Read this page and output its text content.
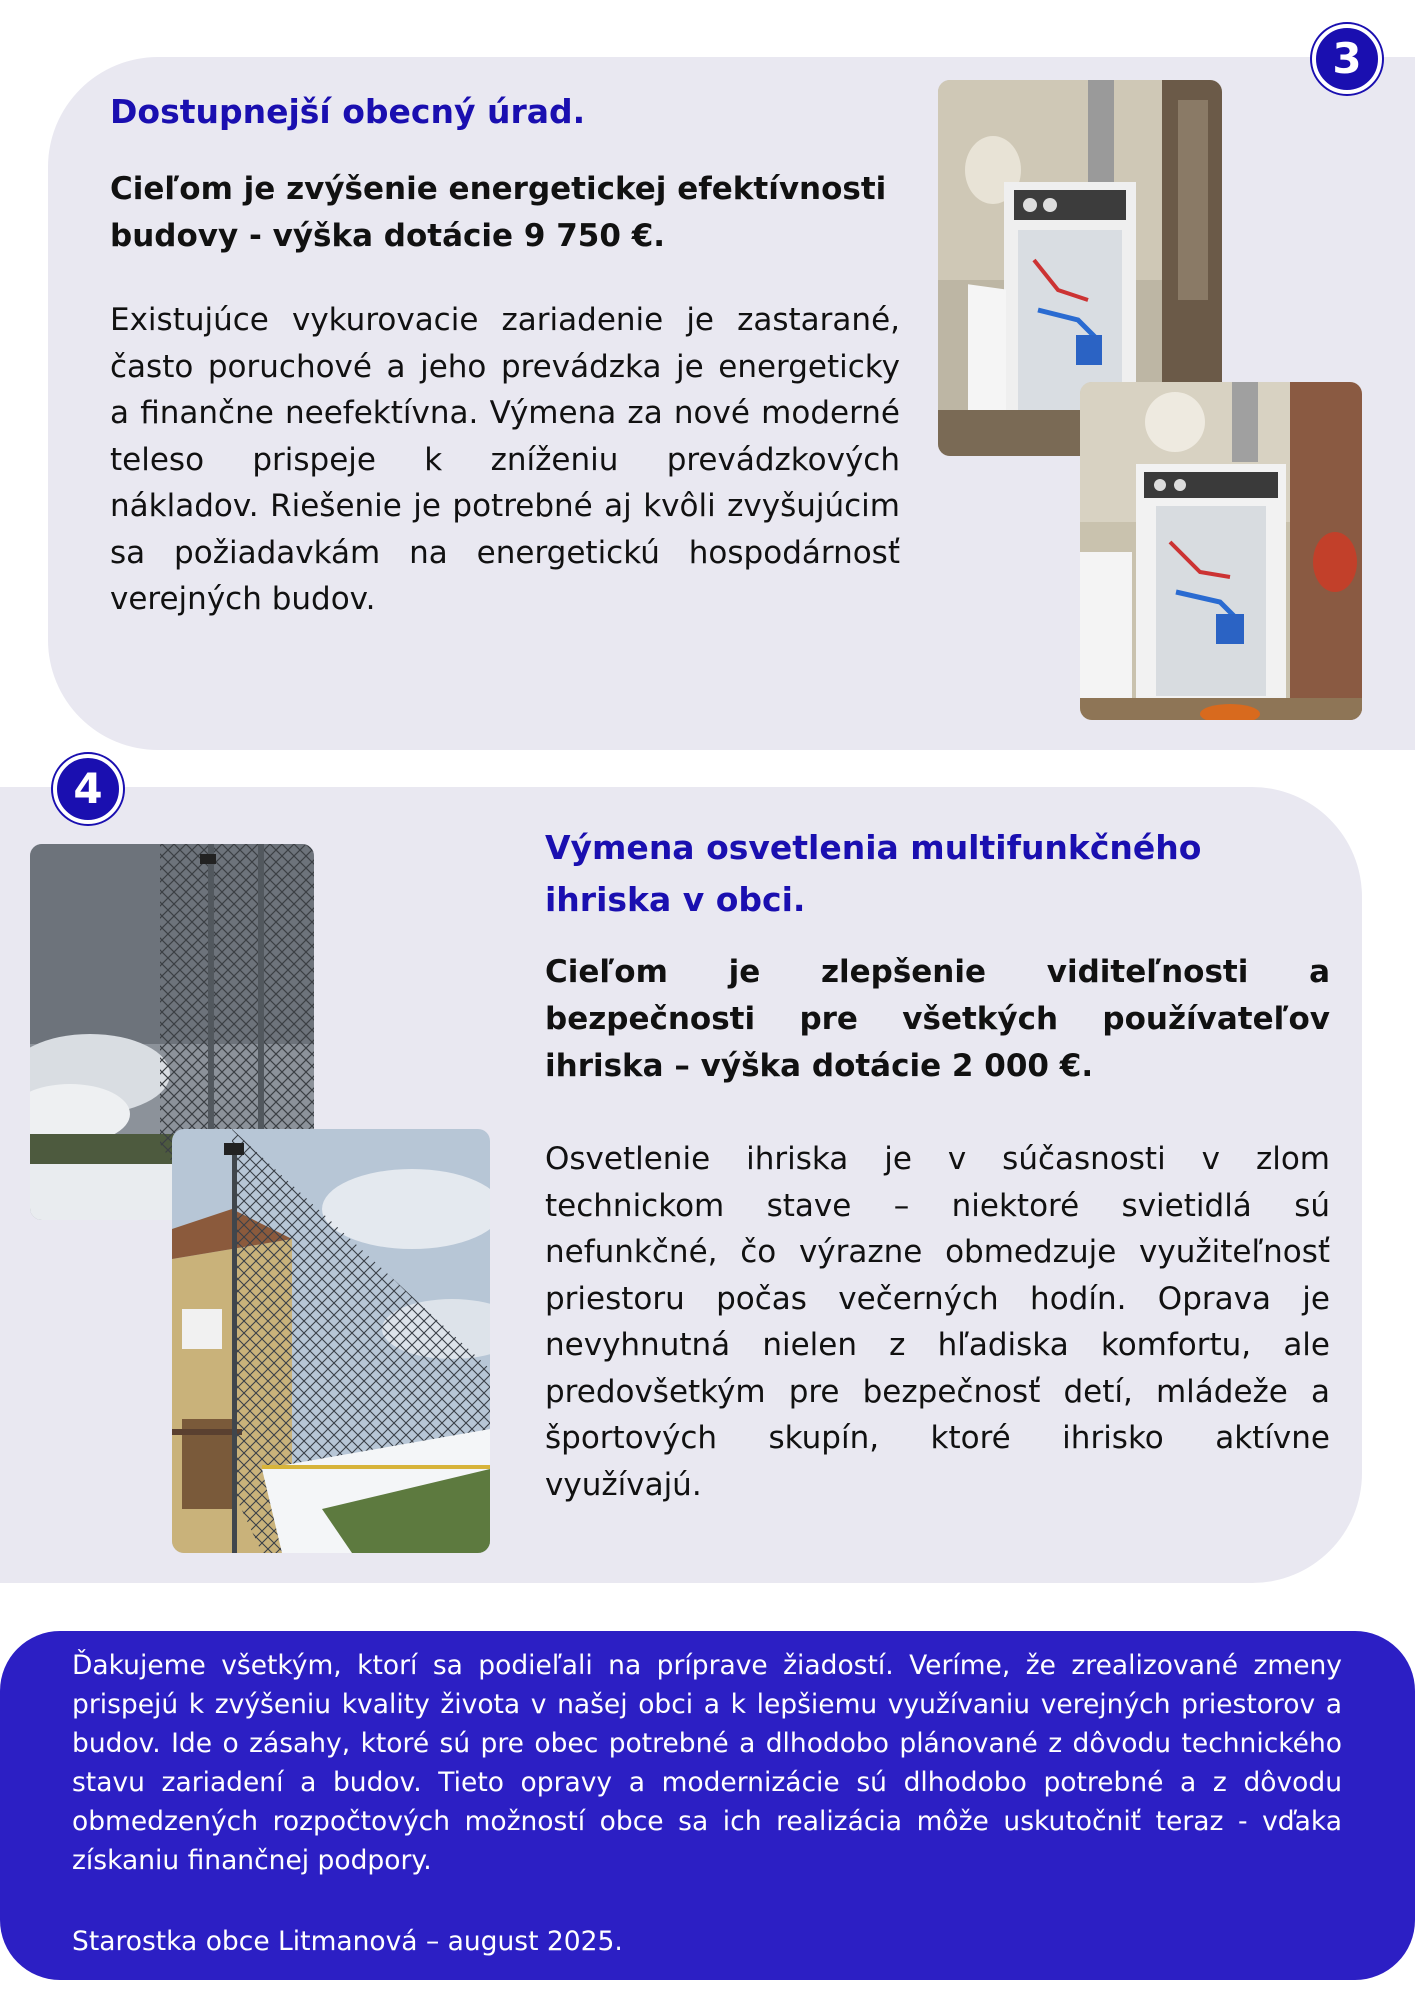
3
Dostupnejší obecný úrad.

Cieľom je zvýšenie energetickej efektívnosti budovy - výška dotácie 9 750 €.

Existujúce vykurovacie zariadenie je zastarané, často poruchové a jeho prevádzka je energeticky a finančne neefektívna. Výmena za nové moderné teleso prispeje k zníženiu prevádzkových nákladov. Riešenie je potrebné aj kvôli zvyšujúcim sa požiadavkám na energetickú hospodárnosť verejných budov.

4
Výmena osvetlenia multifunkčného ihriska v obci.

Cieľom je zlepšenie viditeľnosti a bezpečnosti pre všetkých používateľov ihriska – výška dotácie 2 000 €.

Osvetlenie ihriska je v súčasnosti v zlom technickom stave – niektoré svietidlá sú nefunkčné, čo výrazne obmedzuje využiteľnosť priestoru počas večerných hodín. Oprava je nevyhnutná nielen z hľadiska komfortu, ale predovšetkým pre bezpečnosť detí, mládeže a športových skupín, ktoré ihrisko aktívne využívajú.

Ďakujeme všetkým, ktorí sa podieľali na príprave žiadostí. Veríme, že zrealizované zmeny prispejú k zvýšeniu kvality života v našej obci a k lepšiemu využívaniu verejných priestorov a budov. Ide o zásahy, ktoré sú pre obec potrebné a dlhodobo plánované z dôvodu technického stavu zariadení a budov. Tieto opravy a modernizácie sú dlhodobo potrebné a z dôvodu obmedzených rozpočtových možností obce sa ich realizácia môže uskutočniť teraz - vďaka získaniu finančnej podpory.

Starostka obce Litmanová – august 2025.
